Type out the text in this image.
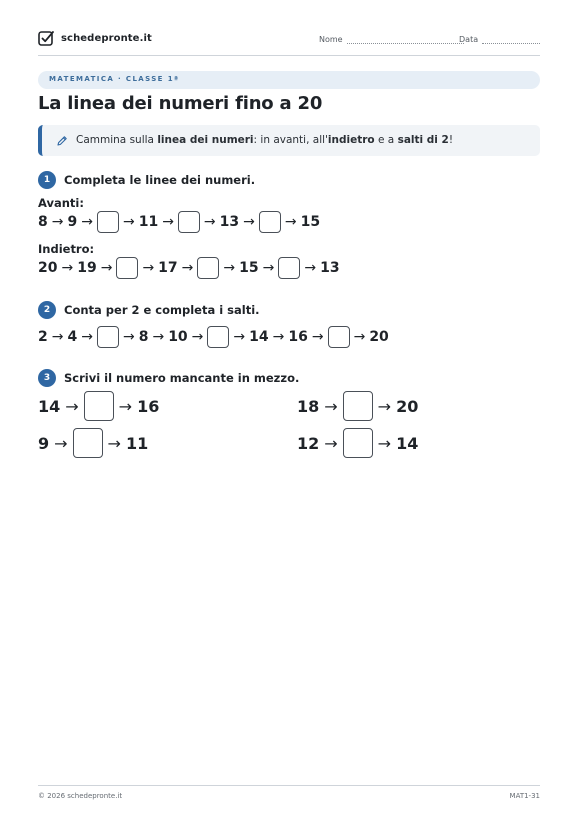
schedepronte.it	Nome	Data
MATEMATICA · CLASSE 1ª
La linea dei numeri fino a 20
Cammina sulla linea dei numeri: in avanti, all'indietro e a salti di 2!
1	Completa le linee dei numeri.
Avanti:
8 → 9 → → 11 → → 13 → → 15
Indietro:
20 → 19 → → 17 → → 15 → → 13
2	Conta per 2 e completa i salti.
2 → 4 → → 8 → 10 → → 14 → 16 → → 20
3	Scrivi il numero mancante in mezzo.
14 →	→ 16	18 →	→ 20
9 →	→ 11	12 →	→ 14
© 2026 schedepronte.it	MAT1-31
